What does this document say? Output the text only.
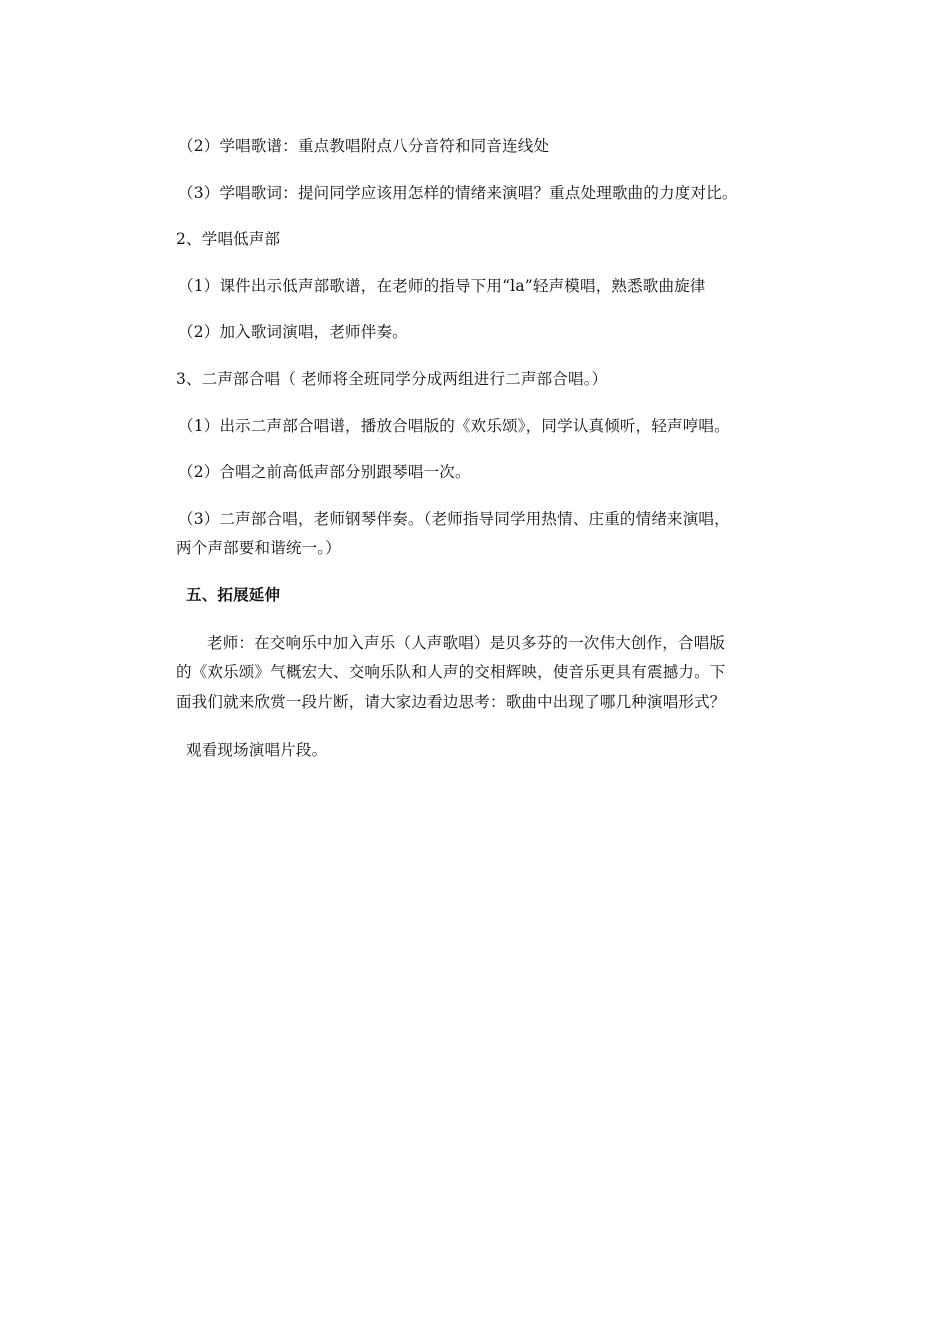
（2）学唱歌谱：重点教唱附点八分音符和同音连线处
（3）学唱歌词：提问同学应该用怎样的情绪来演唱？重点处理歌曲的力度对比。
2、学唱低声部
（1）课件出示低声部歌谱，在老师的指导下用“la”轻声模唱，熟悉歌曲旋律
（2）加入歌词演唱，老师伴奏。
3、二声部合唱（ 老师将全班同学分成两组进行二声部合唱。）
（1）出示二声部合唱谱，播放合唱版的《欢乐颂》，同学认真倾听，轻声哼唱。
（2）合唱之前高低声部分别跟琴唱一次。
（3）二声部合唱，老师钢琴伴奏。（老师指导同学用热情、庄重的情绪来演唱，
两个声部要和谐统一。）
五、拓展延伸
老师：在交响乐中加入声乐（人声歌唱）是贝多芬的一次伟大创作，合唱版
的《欢乐颂》气概宏大、交响乐队和人声的交相辉映，使音乐更具有震撼力。下
面我们就来欣赏一段片断，请大家边看边思考：歌曲中出现了哪几种演唱形式？
观看现场演唱片段。
